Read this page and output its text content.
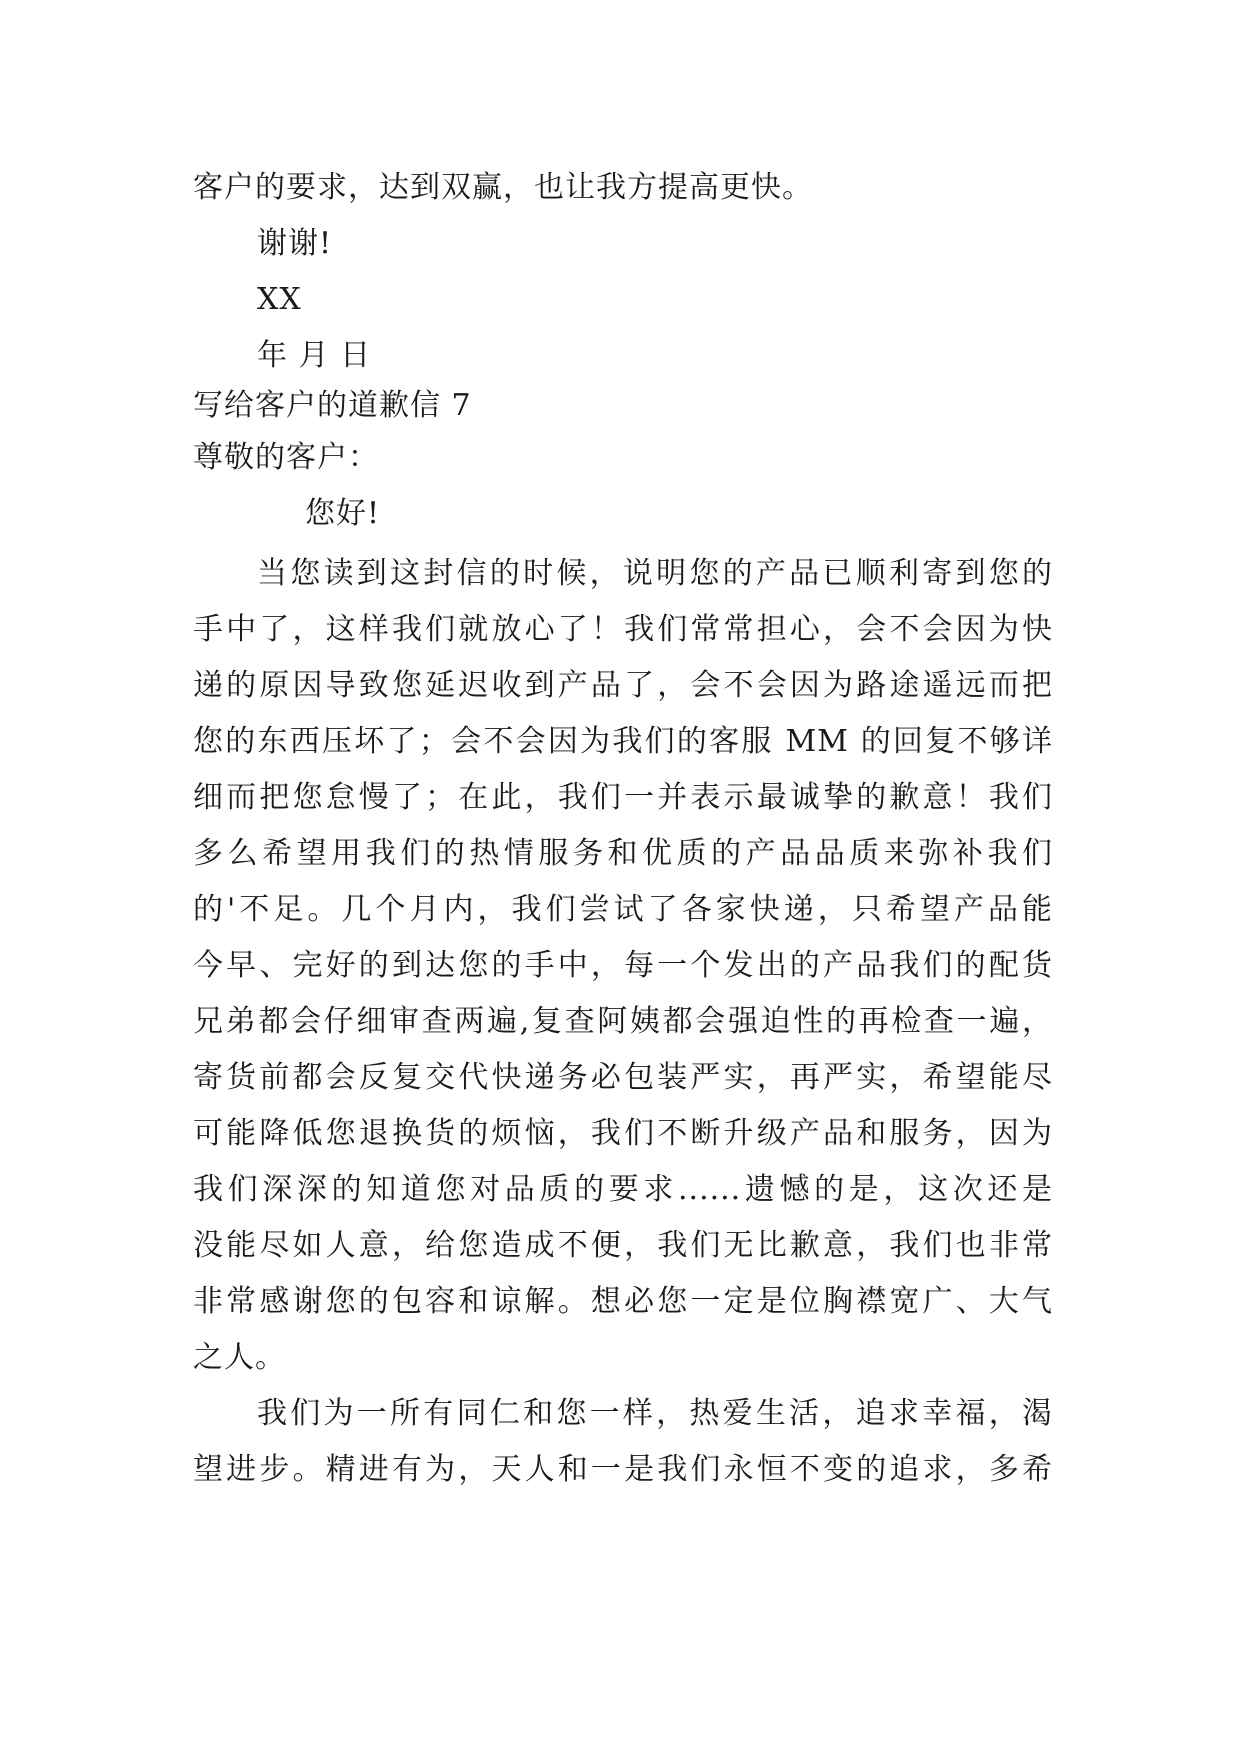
客户的要求，达到双赢，也让我方提高更快。
谢谢!
XX
年 月 日
写给客户的道歉信 7
尊敬的客户：
您好!
当您读到这封信的时候，说明您的产品已顺利寄到您的
手中了，这样我们就放心了！我们常常担心，会不会因为快
递的原因导致您延迟收到产品了，会不会因为路途遥远而把
您的东西压坏了；会不会因为我们的客服 MM 的回复不够详
细而把您怠慢了；在此，我们一并表示最诚挚的歉意！我们
多么希望用我们的热情服务和优质的产品品质来弥补我们
的'不足。几个月内，我们尝试了各家快递，只希望产品能
今早、完好的到达您的手中，每一个发出的产品我们的配货
兄弟都会仔细审查两遍,复查阿姨都会强迫性的再检查一遍，
寄货前都会反复交代快递务必包装严实，再严实，希望能尽
可能降低您退换货的烦恼，我们不断升级产品和服务，因为
我们深深的知道您对品质的要求......遗憾的是，这次还是
没能尽如人意，给您造成不便，我们无比歉意，我们也非常
非常感谢您的包容和谅解。想必您一定是位胸襟宽广、大气
之人。
我们为一所有同仁和您一样，热爱生活，追求幸福，渴
望进步。精进有为，天人和一是我们永恒不变的追求，多希
